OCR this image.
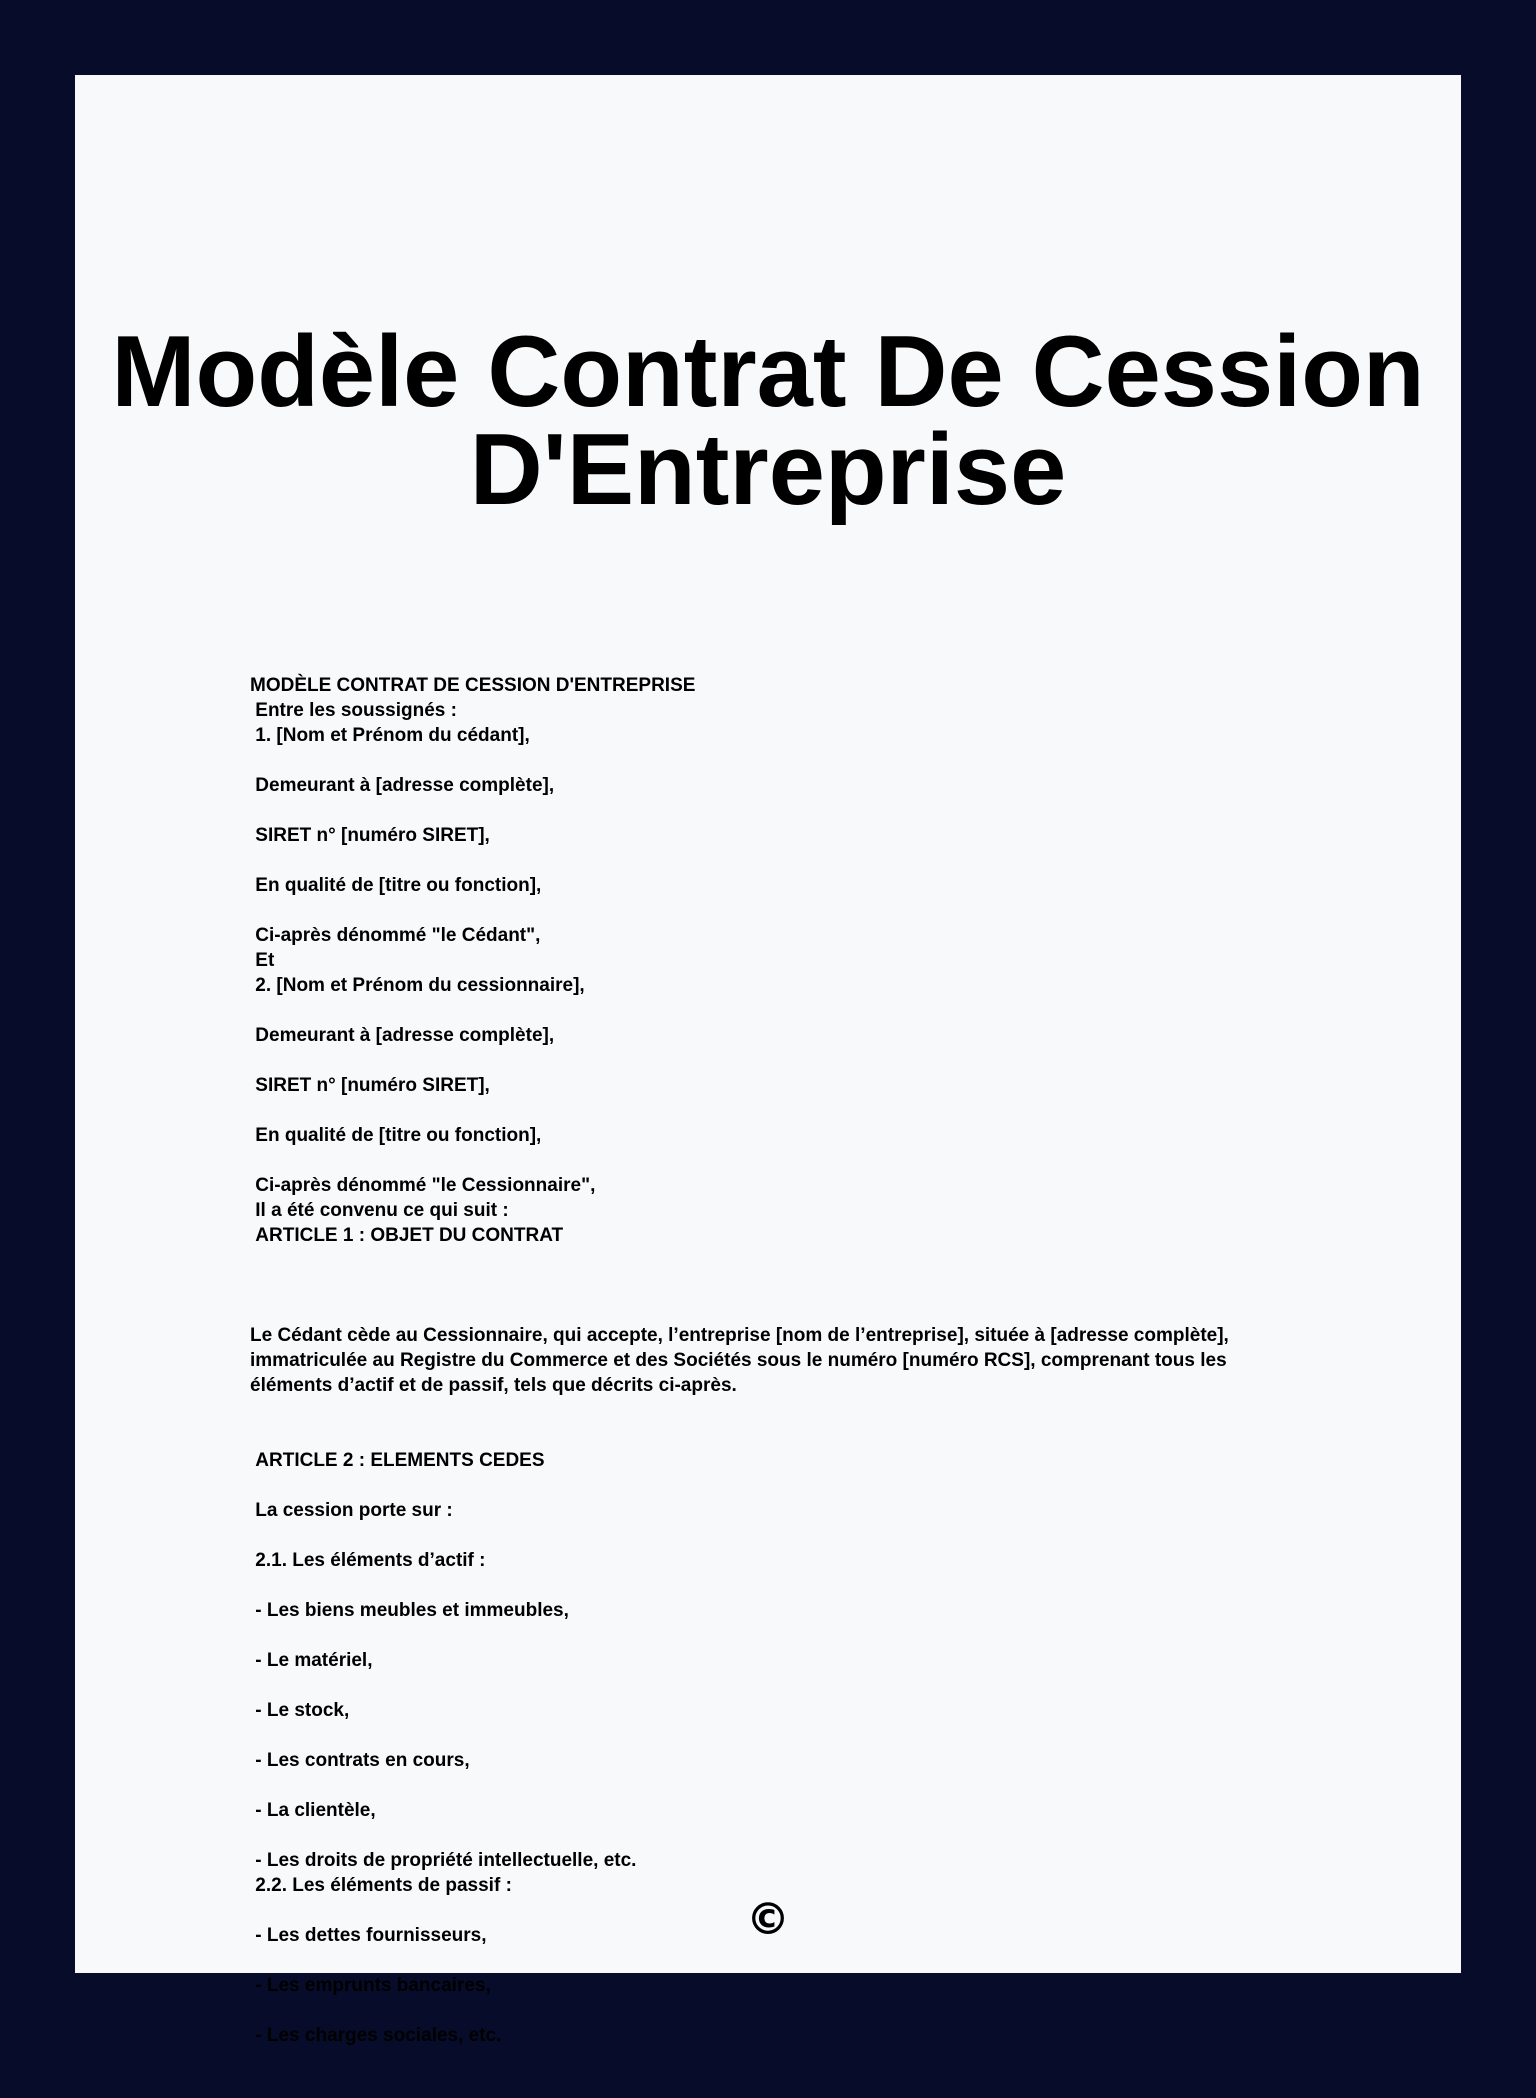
Modèle Contrat De Cession D'Entreprise

MODÈLE CONTRAT DE CESSION D'ENTREPRISE
Entre les soussignés :
1. [Nom et Prénom du cédant],
Demeurant à [adresse complète],
SIRET n° [numéro SIRET],
En qualité de [titre ou fonction],
Ci-après dénommé "le Cédant",
Et
2. [Nom et Prénom du cessionnaire],
Demeurant à [adresse complète],
SIRET n° [numéro SIRET],
En qualité de [titre ou fonction],
Ci-après dénommé "le Cessionnaire",
Il a été convenu ce qui suit :
ARTICLE 1 : OBJET DU CONTRAT

Le Cédant cède au Cessionnaire, qui accepte, l’entreprise [nom de l’entreprise], située à [adresse complète], immatriculée au Registre du Commerce et des Sociétés sous le numéro [numéro RCS], comprenant tous les éléments d’actif et de passif, tels que décrits ci-après.

ARTICLE 2 : ELEMENTS CEDES
La cession porte sur :
2.1. Les éléments d’actif :
- Les biens meubles et immeubles,
- Le matériel,
- Le stock,
- Les contrats en cours,
- La clientèle,
- Les droits de propriété intellectuelle, etc.
2.2. Les éléments de passif :
- Les dettes fournisseurs,
- Les emprunts bancaires,
- Les charges sociales, etc.

©
